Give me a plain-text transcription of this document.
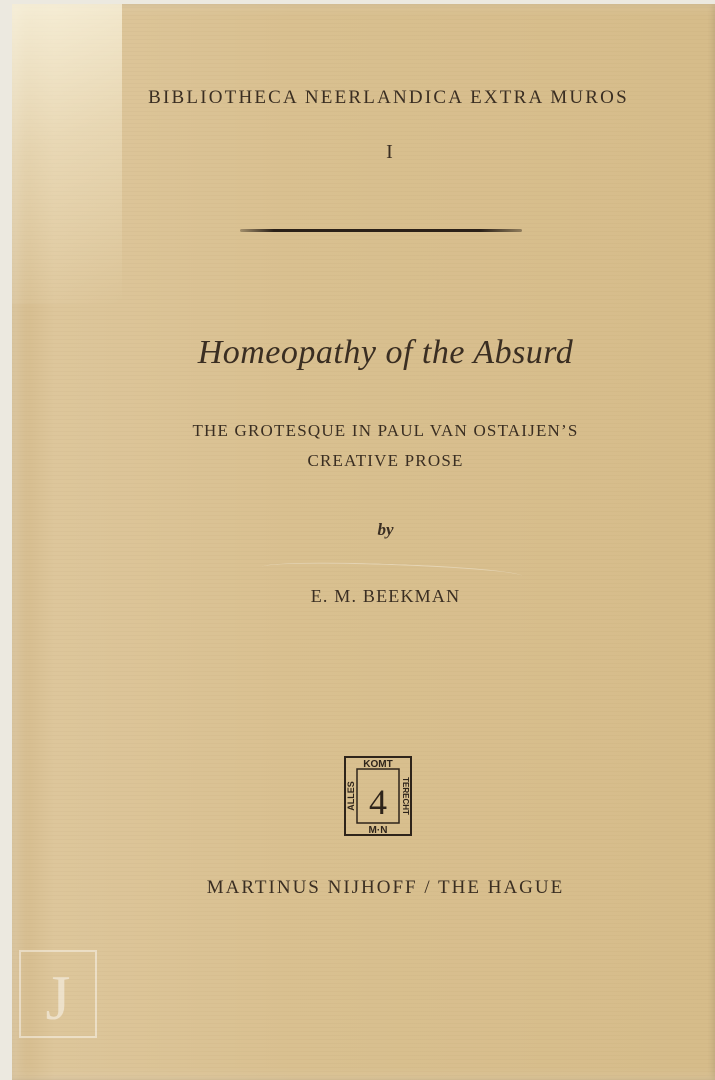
BIBLIOTHECA NEERLANDICA EXTRA MUROS
I
Homeopathy of the Absurd
THE GROTESQUE IN PAUL VAN OSTAIJEN’S
CREATIVE PROSE
by
E. M. BEEKMAN
KOMT
M·N
ALLES	TERECHT
4
MARTINUS NIJHOFF / THE HAGUE
J
